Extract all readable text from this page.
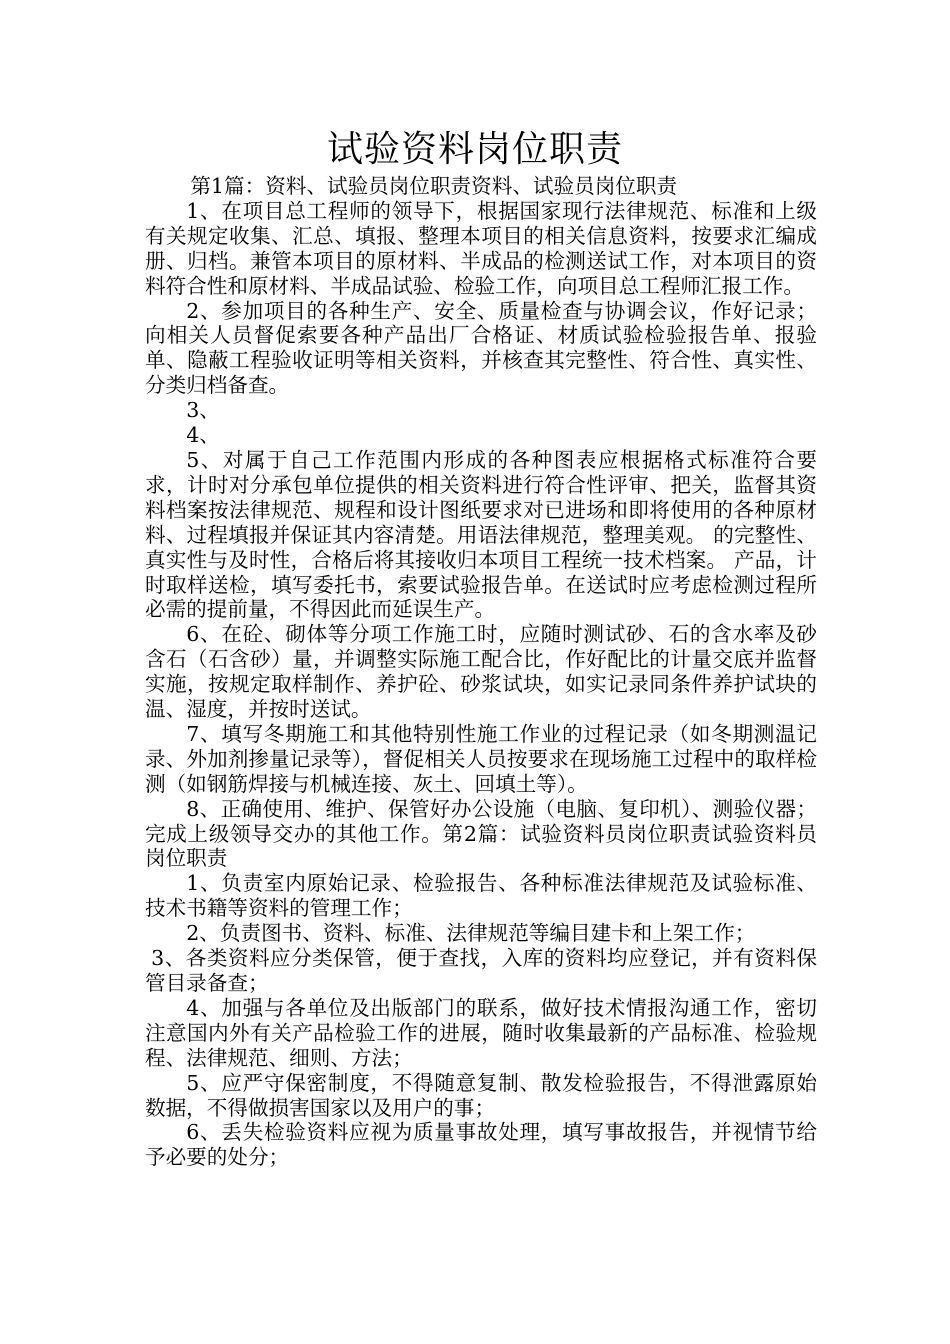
试验资料岗位职责

第1篇：资料、试验员岗位职责资料、试验员岗位职责

1、在项目总工程师的领导下，根据国家现行法律规范、标准和上级有关规定收集、汇总、填报、整理本项目的相关信息资料，按要求汇编成册、归档。兼管本项目的原材料、半成品的检测送试工作，对本项目的资料符合性和原材料、半成品试验、检验工作，向项目总工程师汇报工作。

2、参加项目的各种生产、安全、质量检查与协调会议，作好记录；向相关人员督促索要各种产品出厂合格证、材质试验检验报告单、报验单、隐蔽工程验收证明等相关资料，并核查其完整性、符合性、真实性、分类归档备查。

3、

4、

5、对属于自己工作范围内形成的各种图表应根据格式标准符合要求，计时对分承包单位提供的相关资料进行符合性评审、把关，监督其资料档案按法律规范、规程和设计图纸要求对已进场和即将使用的各种原材料、过程填报并保证其内容清楚。用语法律规范，整理美观。 的完整性、真实性与及时性，合格后将其接收归本项目工程统一技术档案。 产品，计时取样送检，填写委托书，索要试验报告单。在送试时应考虑检测过程所必需的提前量，不得因此而延误生产。

6、在砼、砌体等分项工作施工时，应随时测试砂、石的含水率及砂含石（石含砂）量，并调整实际施工配合比，作好配比的计量交底并监督实施，按规定取样制作、养护砼、砂浆试块，如实记录同条件养护试块的温、湿度，并按时送试。

7、填写冬期施工和其他特别性施工作业的过程记录（如冬期测温记录、外加剂掺量记录等），督促相关人员按要求在现场施工过程中的取样检测（如钢筋焊接与机械连接、灰土、回填土等）。

8、正确使用、维护、保管好办公设施（电脑、复印机）、测验仪器；完成上级领导交办的其他工作。第2篇：试验资料员岗位职责试验资料员岗位职责

1、负责室内原始记录、检验报告、各种标准法律规范及试验标准、技术书籍等资料的管理工作；

2、负责图书、资料、标准、法律规范等编目建卡和上架工作；

3、各类资料应分类保管，便于查找，入库的资料均应登记，并有资料保管目录备查；

4、加强与各单位及出版部门的联系，做好技术情报沟通工作，密切注意国内外有关产品检验工作的进展，随时收集最新的产品标准、检验规程、法律规范、细则、方法；

5、应严守保密制度，不得随意复制、散发检验报告，不得泄露原始数据，不得做损害国家以及用户的事；

6、丢失检验资料应视为质量事故处理，填写事故报告，并视情节给予必要的处分；
